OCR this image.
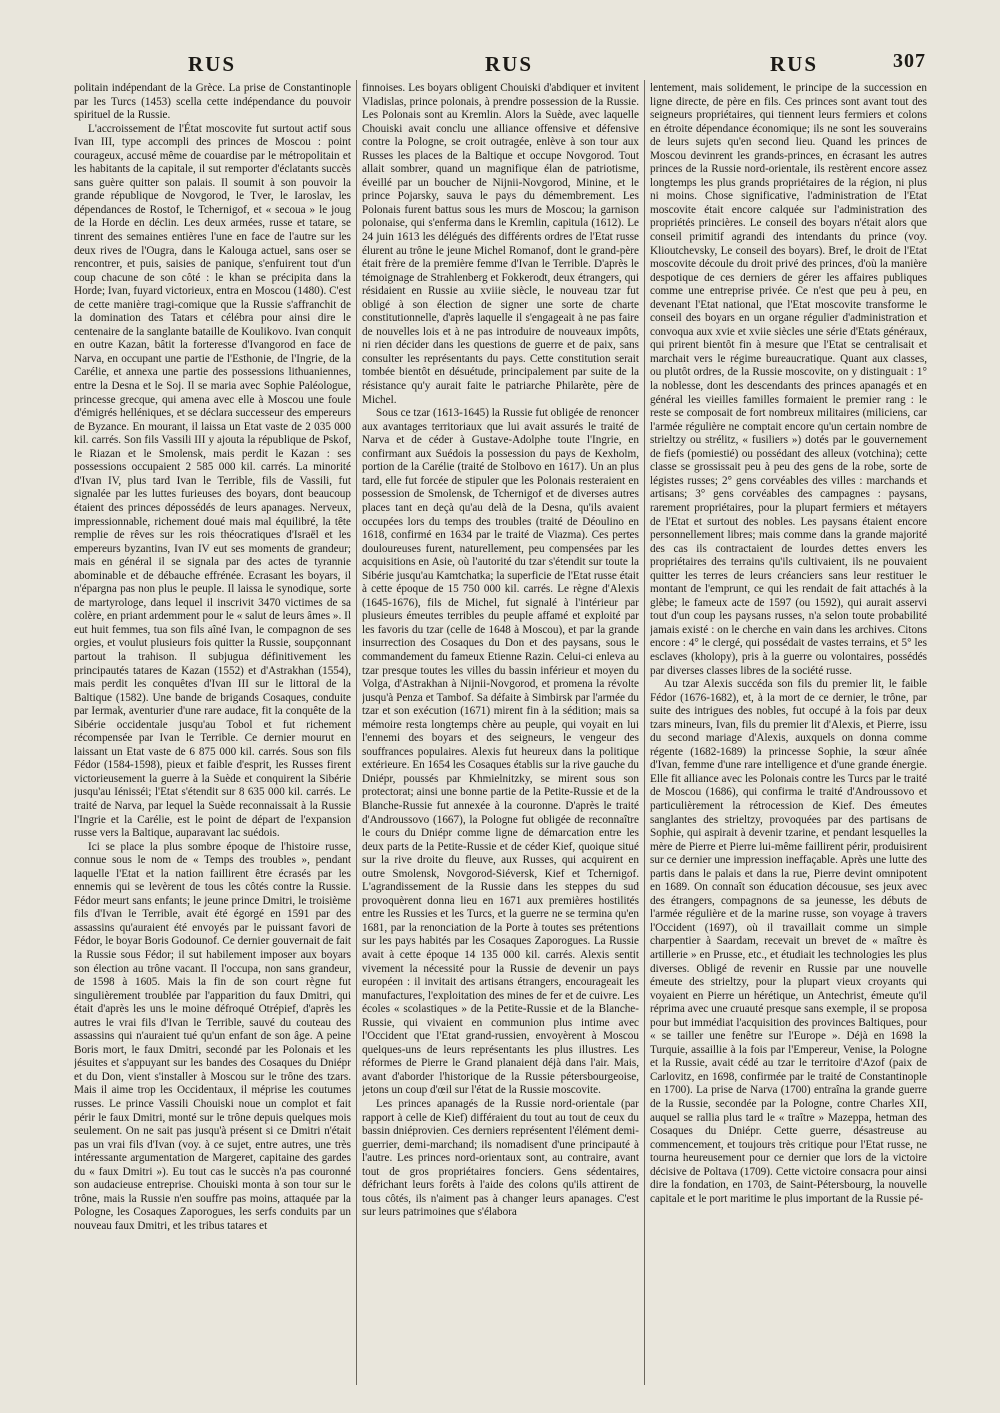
RUS	RUS	RUS	307

politain indépendant de la Grèce. La prise de Constantinople par les Turcs (1453) scella cette indépendance du pouvoir spirituel de la Russie.

L'accroissement de l'État moscovite fut surtout actif sous Ivan III, type accompli des princes de Moscou : point courageux, accusé même de couardise par le métropolitain et les habitants de la capitale, il sut remporter d'éclatants succès sans guère quitter son palais. Il soumit à son pouvoir la grande république de Novgorod, le Tver, le Iaroslav, les dépendances de Rostof, le Tchernigof, et « secoua » le joug de la Horde en déclin. Les deux armées, russe et tatare, se tinrent des semaines entières l'une en face de l'autre sur les deux rives de l'Ougra, dans le Kalouga actuel, sans oser se rencontrer, et puis, saisies de panique, s'enfuirent tout d'un coup chacune de son côté : le khan se précipita dans la Horde; Ivan, fuyard victorieux, entra en Moscou (1480). C'est de cette manière tragi-comique que la Russie s'affranchit de la domination des Tatars et célébra pour ainsi dire le centenaire de la sanglante bataille de Koulikovo. Ivan conquit en outre Kazan, bâtit la forteresse d'Ivangorod en face de Narva, en occupant une partie de l'Esthonie, de l'Ingrie, de la Carélie, et annexa une partie des possessions lithuaniennes, entre la Desna et le Soj. Il se maria avec Sophie Paléologue, princesse grecque, qui amena avec elle à Moscou une foule d'émigrés helléniques, et se déclara successeur des empereurs de Byzance. En mourant, il laissa un Etat vaste de 2 035 000 kil. carrés. Son fils Vassili III y ajouta la république de Pskof, le Riazan et le Smolensk, mais perdit le Kazan : ses possessions occupaient 2 585 000 kil. carrés. La minorité d'Ivan IV, plus tard Ivan le Terrible, fils de Vassili, fut signalée par les luttes furieuses des boyars, dont beaucoup étaient des princes dépossédés de leurs apanages. Nerveux, impressionnable, richement doué mais mal équilibré, la tête remplie de rêves sur les rois théocratiques d'Israël et les empereurs byzantins, Ivan IV eut ses moments de grandeur; mais en général il se signala par des actes de tyrannie abominable et de débauche effrénée. Ecrasant les boyars, il n'épargna pas non plus le peuple. Il laissa le synodique, sorte de martyrologe, dans lequel il inscrivit 3470 victimes de sa colère, en priant ardemment pour le « salut de leurs âmes ». Il eut huit femmes, tua son fils aîné Ivan, le compagnon de ses orgies, et voulut plusieurs fois quitter la Russie, soupçonnant partout la trahison. Il subjugua définitivement les principautés tatares de Kazan (1552) et d'Astrakhan (1554), mais perdit les conquêtes d'Ivan III sur le littoral de la Baltique (1582). Une bande de brigands Cosaques, conduite par Iermak, aventurier d'une rare audace, fit la conquête de la Sibérie occidentale jusqu'au Tobol et fut richement récompensée par Ivan le Terrible. Ce dernier mourut en laissant un Etat vaste de 6 875 000 kil. carrés. Sous son fils Fédor (1584-1598), pieux et faible d'esprit, les Russes firent victorieusement la guerre à la Suède et conquirent la Sibérie jusqu'au Iénisséi; l'Etat s'étendit sur 8 635 000 kil. carrés. Le traité de Narva, par lequel la Suède reconnaissait à la Russie l'Ingrie et la Carélie, est le point de départ de l'expansion russe vers la Baltique, auparavant lac suédois.

Ici se place la plus sombre époque de l'histoire russe, connue sous le nom de « Temps des troubles », pendant laquelle l'Etat et la nation faillirent être écrasés par les ennemis qui se levèrent de tous les côtés contre la Russie. Fédor meurt sans enfants; le jeune prince Dmitri, le troisième fils d'Ivan le Terrible, avait été égorgé en 1591 par des assassins qu'auraient été envoyés par le puissant favori de Fédor, le boyar Boris Godounof. Ce dernier gouvernait de fait la Russie sous Fédor; il sut habilement imposer aux boyars son élection au trône vacant. Il l'occupa, non sans grandeur, de 1598 à 1605. Mais la fin de son court règne fut singulièrement troublée par l'apparition du faux Dmitri, qui était d'après les uns le moine défroqué Otrépief, d'après les autres le vrai fils d'Ivan le Terrible, sauvé du couteau des assassins qui n'auraient tué qu'un enfant de son âge. A peine Boris mort, le faux Dmitri, secondé par les Polonais et les jésuites et s'appuyant sur les bandes des Cosaques du Dniépr et du Don, vient s'installer à Moscou sur le trône des tzars. Mais il aime trop les Occidentaux, il méprise les coutumes russes. Le prince Vassili Chouiski noue un complot et fait périr le faux Dmitri, monté sur le trône depuis quelques mois seulement. On ne sait pas jusqu'à présent si ce Dmitri n'était pas un vrai fils d'Ivan (voy. à ce sujet, entre autres, une très intéressante argumentation de Margeret, capitaine des gardes du « faux Dmitri »). Eu tout cas le succès n'a pas couronné son audacieuse entreprise. Chouiski monta à son tour sur le trône, mais la Russie n'en souffre pas moins, attaquée par la Pologne, les Cosaques Zaporogues, les serfs conduits par un nouveau faux Dmitri, et les tribus tatares et

finnoises. Les boyars obligent Chouiski d'abdiquer et invitent Vladislas, prince polonais, à prendre possession de la Russie. Les Polonais sont au Kremlin. Alors la Suède, avec laquelle Chouiski avait conclu une alliance offensive et défensive contre la Pologne, se croit outragée, enlève à son tour aux Russes les places de la Baltique et occupe Novgorod. Tout allait sombrer, quand un magnifique élan de patriotisme, éveillé par un boucher de Nijnii-Novgorod, Minine, et le prince Pojarsky, sauva le pays du démembrement. Les Polonais furent battus sous les murs de Moscou; la garnison polonaise, qui s'enferma dans le Kremlin, capitula (1612). Le 24 juin 1613 les délégués des différents ordres de l'Etat russe élurent au trône le jeune Michel Romanof, dont le grand-père était frère de la première femme d'Ivan le Terrible. D'après le témoignage de Strahlenberg et Fokkerodt, deux étrangers, qui résidaient en Russie au xviiie siècle, le nouveau tzar fut obligé à son élection de signer une sorte de charte constitutionnelle, d'après laquelle il s'engageait à ne pas faire de nouvelles lois et à ne pas introduire de nouveaux impôts, ni rien décider dans les questions de guerre et de paix, sans consulter les représentants du pays. Cette constitution serait tombée bientôt en désuétude, principalement par suite de la résistance qu'y aurait faite le patriarche Philarète, père de Michel.

Sous ce tzar (1613-1645) la Russie fut obligée de renoncer aux avantages territoriaux que lui avait assurés le traité de Narva et de céder à Gustave-Adolphe toute l'Ingrie, en confirmant aux Suédois la possession du pays de Kexholm, portion de la Carélie (traité de Stolbovo en 1617). Un an plus tard, elle fut forcée de stipuler que les Polonais resteraient en possession de Smolensk, de Tchernigof et de diverses autres places tant en deçà qu'au delà de la Desna, qu'ils avaient occupées lors du temps des troubles (traité de Déoulino en 1618, confirmé en 1634 par le traité de Viazma). Ces pertes douloureuses furent, naturellement, peu compensées par les acquisitions en Asie, où l'autorité du tzar s'étendit sur toute la Sibérie jusqu'au Kamtchatka; la superficie de l'Etat russe était à cette époque de 15 750 000 kil. carrés. Le règne d'Alexis (1645-1676), fils de Michel, fut signalé à l'intérieur par plusieurs émeutes terribles du peuple affamé et exploité par les favoris du tzar (celle de 1648 à Moscou), et par la grande insurrection des Cosaques du Don et des paysans, sous le commandement du fameux Etienne Razin. Celui-ci enleva au tzar presque toutes les villes du bassin inférieur et moyen du Volga, d'Astrakhan à Nijnii-Novgorod, et promena la révolte jusqu'à Penza et Tambof. Sa défaite à Simbirsk par l'armée du tzar et son exécution (1671) mirent fin à la sédition; mais sa mémoire resta longtemps chère au peuple, qui voyait en lui l'ennemi des boyars et des seigneurs, le vengeur des souffrances populaires. Alexis fut heureux dans la politique extérieure. En 1654 les Cosaques établis sur la rive gauche du Dniépr, poussés par Khmielnitzky, se mirent sous son protectorat; ainsi une bonne partie de la Petite-Russie et de la Blanche-Russie fut annexée à la couronne. D'après le traité d'Androussovo (1667), la Pologne fut obligée de reconnaître le cours du Dniépr comme ligne de démarcation entre les deux parts de la Petite-Russie et de céder Kief, quoique situé sur la rive droite du fleuve, aux Russes, qui acquirent en outre Smolensk, Novgorod-Siéversk, Kief et Tchernigof. L'agrandissement de la Russie dans les steppes du sud provoquèrent donna lieu en 1671 aux premières hostilités entre les Russies et les Turcs, et la guerre ne se termina qu'en 1681, par la renonciation de la Porte à toutes ses prétentions sur les pays habités par les Cosaques Zaporogues. La Russie avait à cette époque 14 135 000 kil. carrés. Alexis sentit vivement la nécessité pour la Russie de devenir un pays européen : il invitait des artisans étrangers, encourageait les manufactures, l'exploitation des mines de fer et de cuivre. Les écoles « scolastiques » de la Petite-Russie et de la Blanche-Russie, qui vivaient en communion plus intime avec l'Occident que l'Etat grand-russien, envoyèrent à Moscou quelques-uns de leurs représentants les plus illustres. Les réformes de Pierre le Grand planaient déjà dans l'air. Mais, avant d'aborder l'historique de la Russie pétersbourgeoise, jetons un coup d'œil sur l'état de la Russie moscovite.

Les princes apanagés de la Russie nord-orientale (par rapport à celle de Kief) différaient du tout au tout de ceux du bassin dniéprovien. Ces derniers représentent l'élément demi-guerrier, demi-marchand; ils nomadisent d'une principauté à l'autre. Les princes nord-orientaux sont, au contraire, avant tout de gros propriétaires fonciers. Gens sédentaires, défrichant leurs forêts à l'aide des colons qu'ils attirent de tous côtés, ils n'aiment pas à changer leurs apanages. C'est sur leurs patrimoines que s'élabora

lentement, mais solidement, le principe de la succession en ligne directe, de père en fils. Ces princes sont avant tout des seigneurs propriétaires, qui tiennent leurs fermiers et colons en étroite dépendance économique; ils ne sont les souverains de leurs sujets qu'en second lieu. Quand les princes de Moscou devinrent les grands-princes, en écrasant les autres princes de la Russie nord-orientale, ils restèrent encore assez longtemps les plus grands propriétaires de la région, ni plus ni moins. Chose significative, l'administration de l'Etat moscovite était encore calquée sur l'administration des propriétés princières. Le conseil des boyars n'était alors que conseil primitif agrandi des intendants du prince (voy. Klioutchevsky, Le conseil des boyars). Bref, le droit de l'Etat moscovite découle du droit privé des princes, d'où la manière despotique de ces derniers de gérer les affaires publiques comme une entreprise privée. Ce n'est que peu à peu, en devenant l'Etat national, que l'Etat moscovite transforme le conseil des boyars en un organe régulier d'administration et convoqua aux xvie et xviie siècles une série d'Etats généraux, qui prirent bientôt fin à mesure que l'Etat se centralisait et marchait vers le régime bureaucratique. Quant aux classes, ou plutôt ordres, de la Russie moscovite, on y distinguait : 1° la noblesse, dont les descendants des princes apanagés et en général les vieilles familles formaient le premier rang : le reste se composait de fort nombreux militaires (miliciens, car l'armée régulière ne comptait encore qu'un certain nombre de strieltzy ou strélitz, « fusiliers ») dotés par le gouvernement de fiefs (pomiestié) ou possédant des alleux (votchina); cette classe se grossissait peu à peu des gens de la robe, sorte de légistes russes; 2° gens corvéables des villes : marchands et artisans; 3° gens corvéables des campagnes : paysans, rarement propriétaires, pour la plupart fermiers et métayers de l'Etat et surtout des nobles. Les paysans étaient encore personnellement libres; mais comme dans la grande majorité des cas ils contractaient de lourdes dettes envers les propriétaires des terrains qu'ils cultivaient, ils ne pouvaient quitter les terres de leurs créanciers sans leur restituer le montant de l'emprunt, ce qui les rendait de fait attachés à la glèbe; le fameux acte de 1597 (ou 1592), qui aurait asservi tout d'un coup les paysans russes, n'a selon toute probabilité jamais existé : on le cherche en vain dans les archives. Citons encore : 4° le clergé, qui possédait de vastes terrains, et 5° les esclaves (kholopy), pris à la guerre ou volontaires, possédés par diverses classes libres de la société russe.

Au tzar Alexis succéda son fils du premier lit, le faible Fédor (1676-1682), et, à la mort de ce dernier, le trône, par suite des intrigues des nobles, fut occupé à la fois par deux tzars mineurs, Ivan, fils du premier lit d'Alexis, et Pierre, issu du second mariage d'Alexis, auxquels on donna comme régente (1682-1689) la princesse Sophie, la sœur aînée d'Ivan, femme d'une rare intelligence et d'une grande énergie. Elle fit alliance avec les Polonais contre les Turcs par le traité de Moscou (1686), qui confirma le traité d'Androussovo et particulièrement la rétrocession de Kief. Des émeutes sanglantes des strieltzy, provoquées par des partisans de Sophie, qui aspirait à devenir tzarine, et pendant lesquelles la mère de Pierre et Pierre lui-même faillirent périr, produisirent sur ce dernier une impression ineffaçable. Après une lutte des partis dans le palais et dans la rue, Pierre devint omnipotent en 1689. On connaît son éducation décousue, ses jeux avec des étrangers, compagnons de sa jeunesse, les débuts de l'armée régulière et de la marine russe, son voyage à travers l'Occident (1697), où il travaillait comme un simple charpentier à Saardam, recevait un brevet de « maître ès artillerie » en Prusse, etc., et étudiait les technologies les plus diverses. Obligé de revenir en Russie par une nouvelle émeute des strieltzy, pour la plupart vieux croyants qui voyaient en Pierre un hérétique, un Antechrist, émeute qu'il réprima avec une cruauté presque sans exemple, il se proposa pour but immédiat l'acquisition des provinces Baltiques, pour « se tailler une fenêtre sur l'Europe ». Déjà en 1698 la Turquie, assaillie à la fois par l'Empereur, Venise, la Pologne et la Russie, avait cédé au tzar le territoire d'Azof (paix de Carlovitz, en 1698, confirmée par le traité de Constantinople en 1700). La prise de Narva (1700) entraîna la grande guerre de la Russie, secondée par la Pologne, contre Charles XII, auquel se rallia plus tard le « traître » Mazeppa, hetman des Cosaques du Dniépr. Cette guerre, désastreuse au commencement, et toujours très critique pour l'Etat russe, ne tourna heureusement pour ce dernier que lors de la victoire décisive de Poltava (1709). Cette victoire consacra pour ainsi dire la fondation, en 1703, de Saint-Pétersbourg, la nouvelle capitale et le port maritime le plus important de la Russie pé-
